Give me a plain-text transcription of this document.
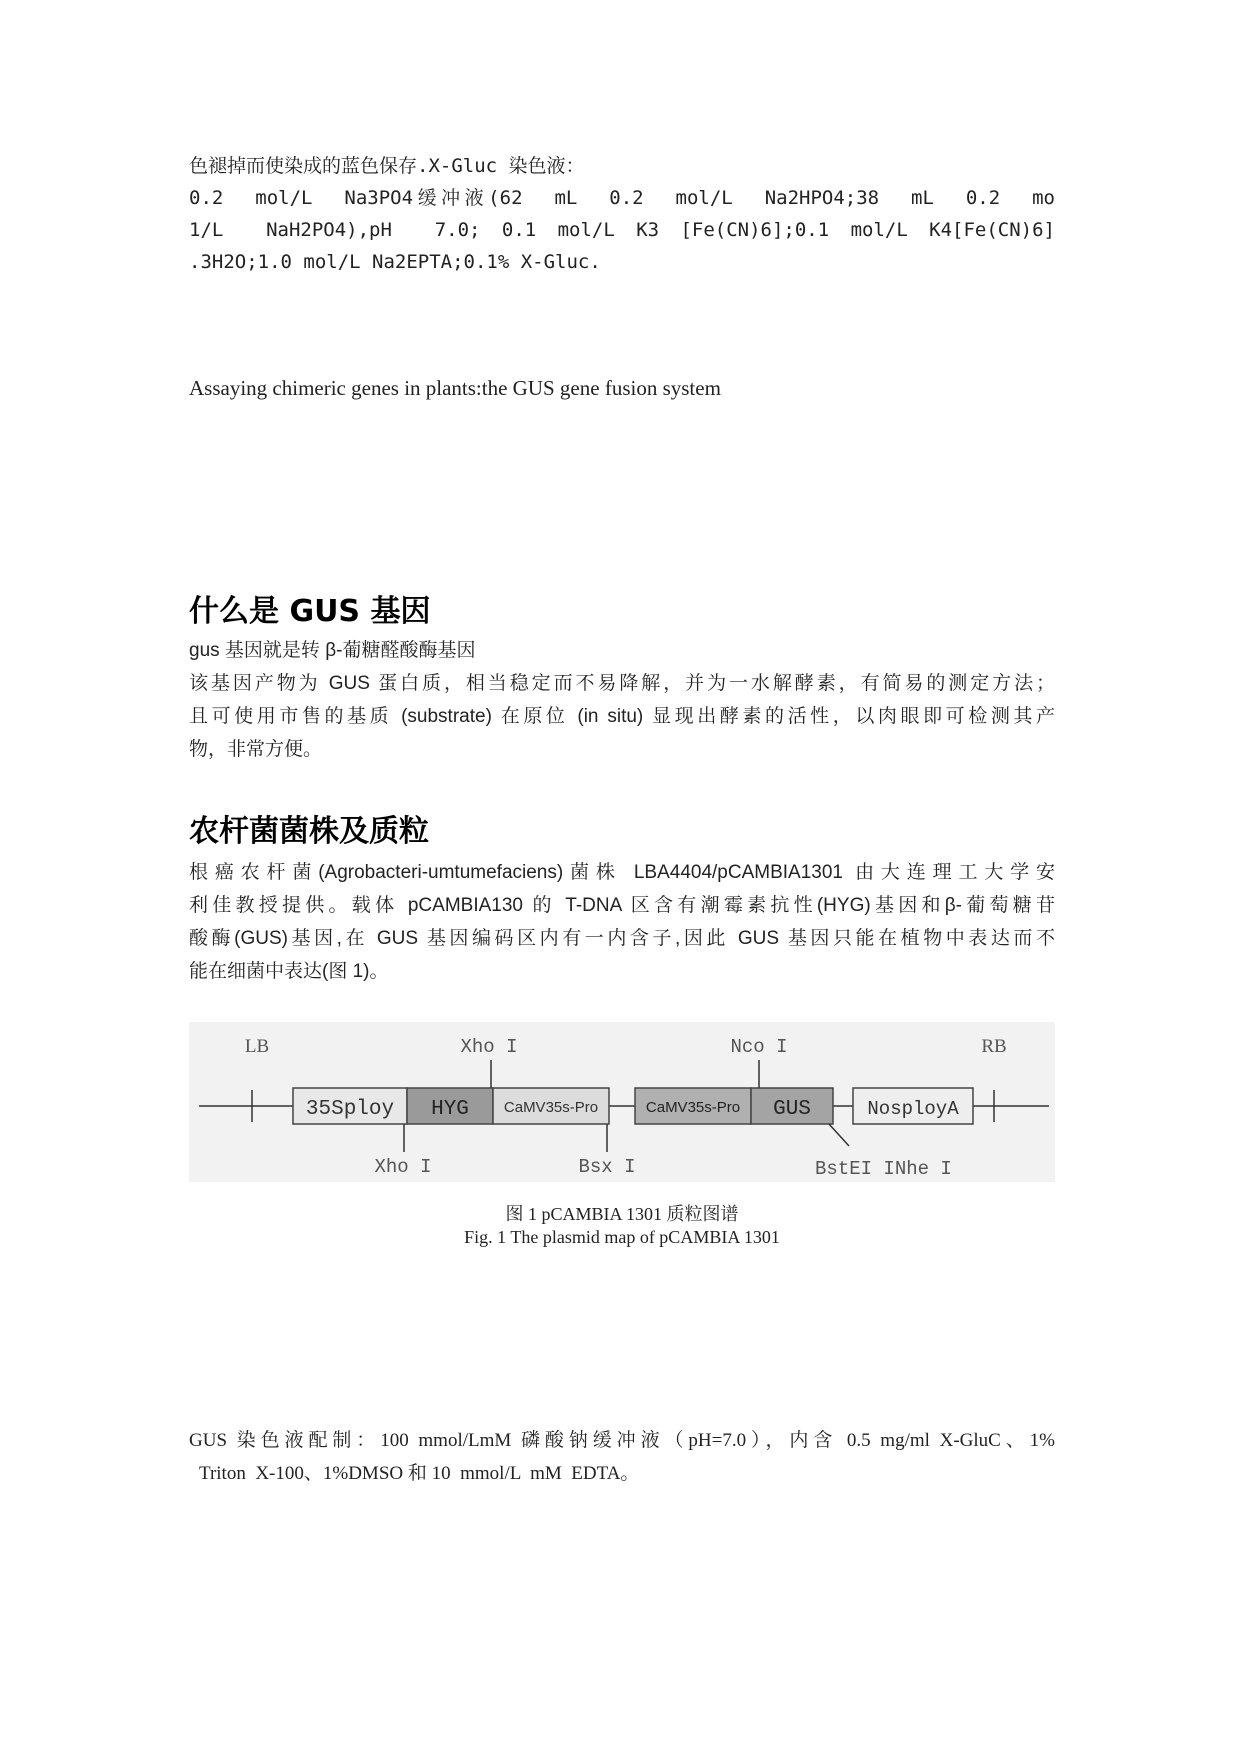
色褪掉而使染成的蓝色保存.X-Gluc 染色液：
0.2  mol/L  Na3PO4缓冲液(62  mL  0.2  mol/L  Na2HPO4;38  mL  0.2  mo
1/L  NaH2PO4),pH  7.0; 0.1 mol/L K3 [Fe(CN)6];0.1 mol/L K4[Fe(CN)6]
.3H2O;1.0 mol/L Na2EPTA;0.1% X-Gluc.
Assaying chimeric genes in plants:the GUS gene fusion system
什么是 GUS 基因
gus 基因就是转 β-葡糖醛酸酶基因
该基因产物为 GUS 蛋白质，相当稳定而不易降解，并为一水解酵素，有简易的测定方法；
且可使用市售的基质 (substrate) 在原位 (in situ) 显现出酵素的活性，以肉眼即可检测其产
物，非常方便。
农杆菌菌株及质粒
根癌农杆菌(Agrobacteri-umtumefaciens)菌株 LBA4404/pCAMBIA1301 由大连理工大学安
利佳教授提供。载体 pCAMBIA130 的 T-DNA 区含有潮霉素抗性(HYG)基因和β-葡萄糖苷
酸酶(GUS)基因,在 GUS 基因编码区内有一内含子,因此 GUS 基因只能在植物中表达而不
能在细菌中表达(图 1)。
LB	RB
Xho I	Nco I
Xho I	Bsx I	BstEI INhe I
35Sploy HYG CaMV35s-Pro	CaMV35s-Pro GUS	NosployA
图 1 pCAMBIA 1301 质粒图谱
Fig. 1 The plasmid map of pCAMBIA 1301
GUS 染色液配制：100 mmol/LmM 磷酸钠缓冲液（pH=7.0），内含 0.5 mg/ml X-GluC、1%
Triton  X-100、1%DMSO 和 10  mmol/L  mM  EDTA。
